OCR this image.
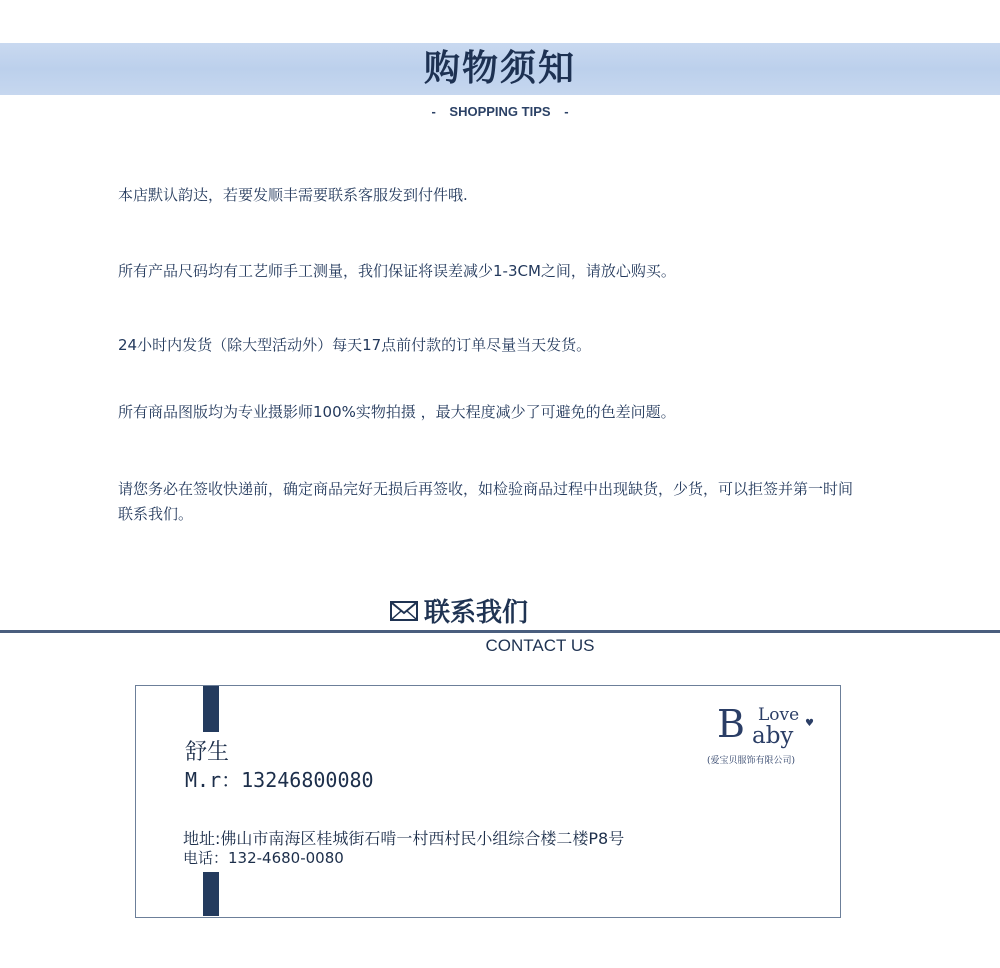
购物须知
- SHOPPING TIPS -
本店默认韵达，若要发顺丰需要联系客服发到付件哦.
所有产品尺码均有工艺师手工测量，我们保证将误差减少1-3CM之间，请放心购买。
24小时内发货（除大型活动外）每天17点前付款的订单尽量当天发货。
所有商品图版均为专业摄影师100%实物拍摄 ，最大程度减少了可避免的色差问题。
请您务必在签收快递前，确定商品完好无损后再签收，如检验商品过程中出现缺货，少货，可以拒签并第一时间联系我们。
联系我们
CONTACT US
舒生
M.r：13246800080
地址:佛山市南海区桂城街石啃一村西村民小组综合楼二楼P8号
电话：132-4680-0080
B Love ♥
aby
(爱宝贝服饰有限公司)
